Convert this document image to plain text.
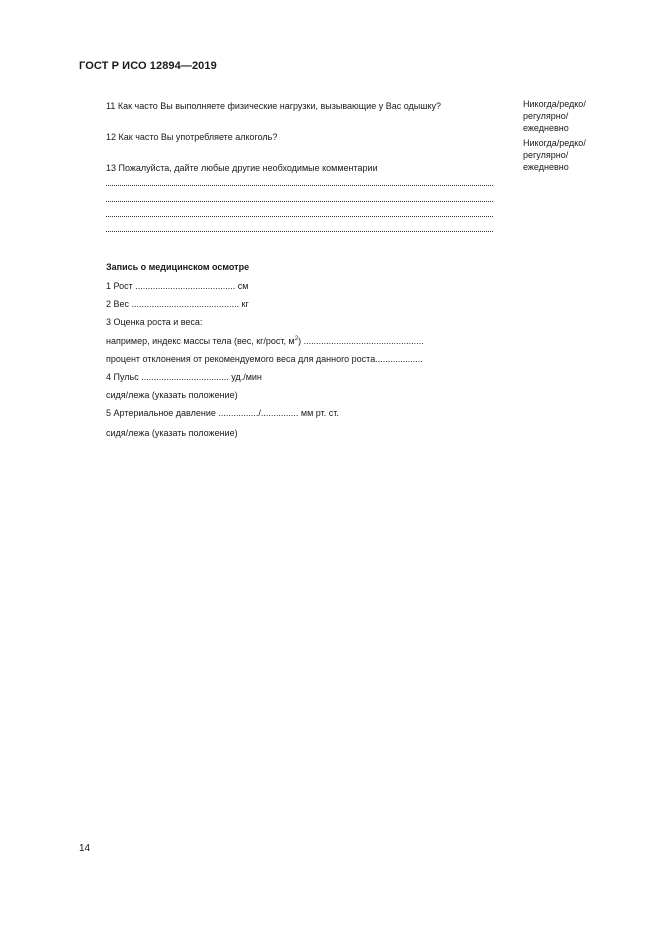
ГОСТ Р ИСО 12894—2019
11 Как часто Вы выполняете физические нагрузки, вызывающие у Вас одышку?	Никогда/редко/
регулярно/
ежедневно
12 Как часто Вы употребляете алкоголь?
Никогда/редко/
регулярно/
ежедневно
13 Пожалуйста, дайте любые другие необходимые комментарии
Запись о медицинском осмотре
1 Рост ........................................ см
2 Вес ........................................... кг
3 Оценка роста и веса:
например, индекс массы тела (вес, кг/рост, $м^2$) ................................................
процент отклонения от рекомендуемого веса для данного роста...................
4 Пульс ................................... уд./мин
сидя/лежа (указать положение)
5 Артериальное давление ................/............... мм рт. ст.
сидя/лежа (указать положение)
14
